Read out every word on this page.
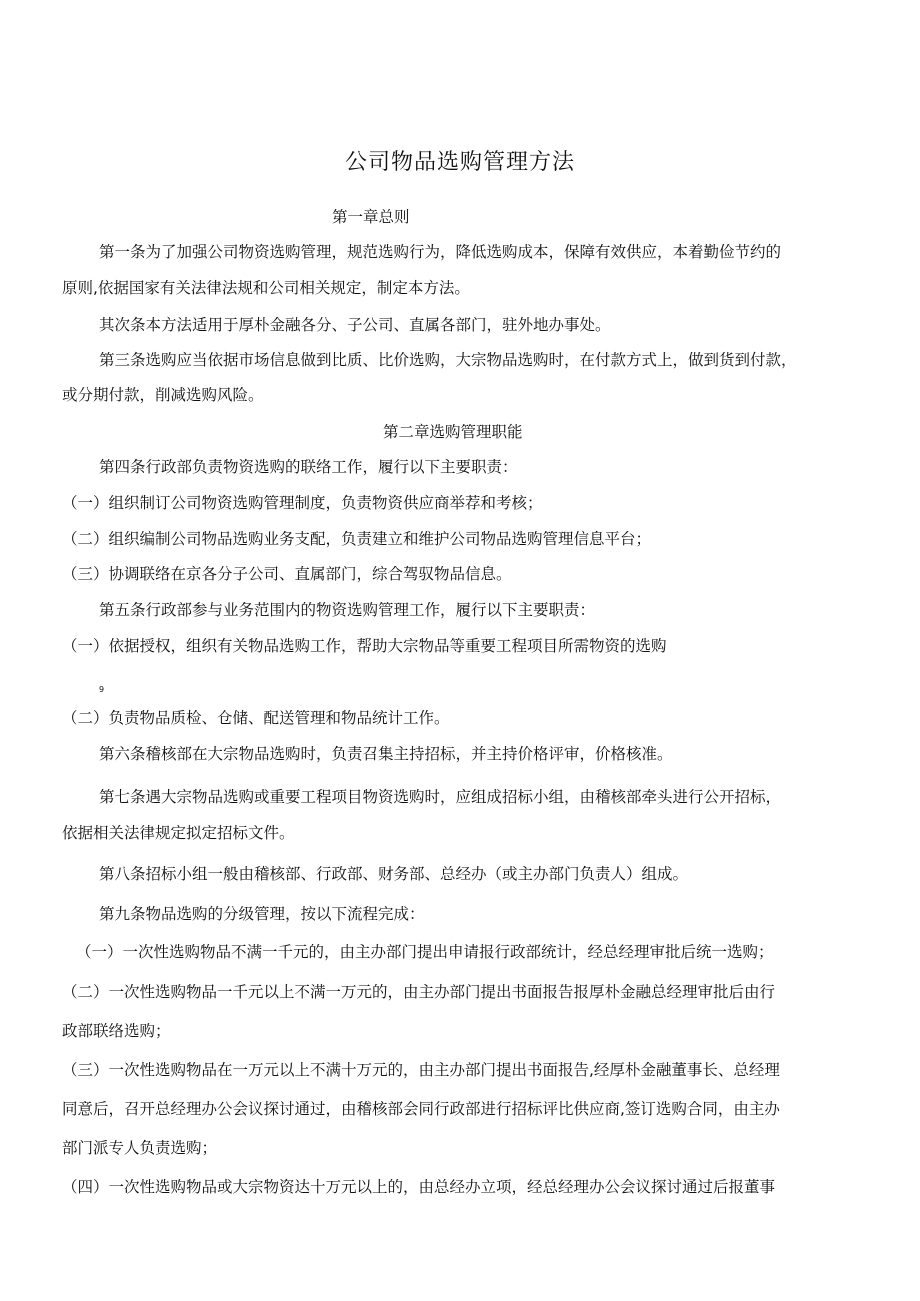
公司物品选购管理方法
第一章总则
第一条为了加强公司物资选购管理，规范选购行为，降低选购成本，保障有效供应，本着勤俭节约的
原则,依据国家有关法律法规和公司相关规定，制定本方法。
其次条本方法适用于厚朴金融各分、子公司、直属各部门，驻外地办事处。
第三条选购应当依据市场信息做到比质、比价选购，大宗物品选购时，在付款方式上，做到货到付款，
或分期付款，削减选购风险。
第二章选购管理职能
第四条行政部负责物资选购的联络工作，履行以下主要职责：
（一）组织制订公司物资选购管理制度，负责物资供应商举荐和考核；
（二）组织编制公司物品选购业务支配，负责建立和维护公司物品选购管理信息平台；
（三）协调联络在京各分子公司、直属部门，综合驾驭物品信息。
第五条行政部参与业务范围内的物资选购管理工作，履行以下主要职责：
（一）依据授权，组织有关物品选购工作，帮助大宗物品等重要工程项目所需物资的选购
9
（二）负责物品质检、仓储、配送管理和物品统计工作。
第六条稽核部在大宗物品选购时，负责召集主持招标，并主持价格评审，价格核准。
第七条遇大宗物品选购或重要工程项目物资选购时，应组成招标小组，由稽核部牵头进行公开招标，
依据相关法律规定拟定招标文件。
第八条招标小组一般由稽核部、行政部、财务部、总经办（或主办部门负责人）组成。
第九条物品选购的分级管理，按以下流程完成：
（一）一次性选购物品不满一千元的，由主办部门提出申请报行政部统计，经总经理审批后统一选购；
（二）一次性选购物品一千元以上不满一万元的，由主办部门提出书面报告报厚朴金融总经理审批后由行
政部联络选购；
（三）一次性选购物品在一万元以上不满十万元的，由主办部门提出书面报告,经厚朴金融董事长、总经理
同意后，召开总经理办公会议探讨通过，由稽核部会同行政部进行招标评比供应商,签订选购合同，由主办
部门派专人负责选购；
（四）一次性选购物品或大宗物资达十万元以上的，由总经办立项，经总经理办公会议探讨通过后报董事
